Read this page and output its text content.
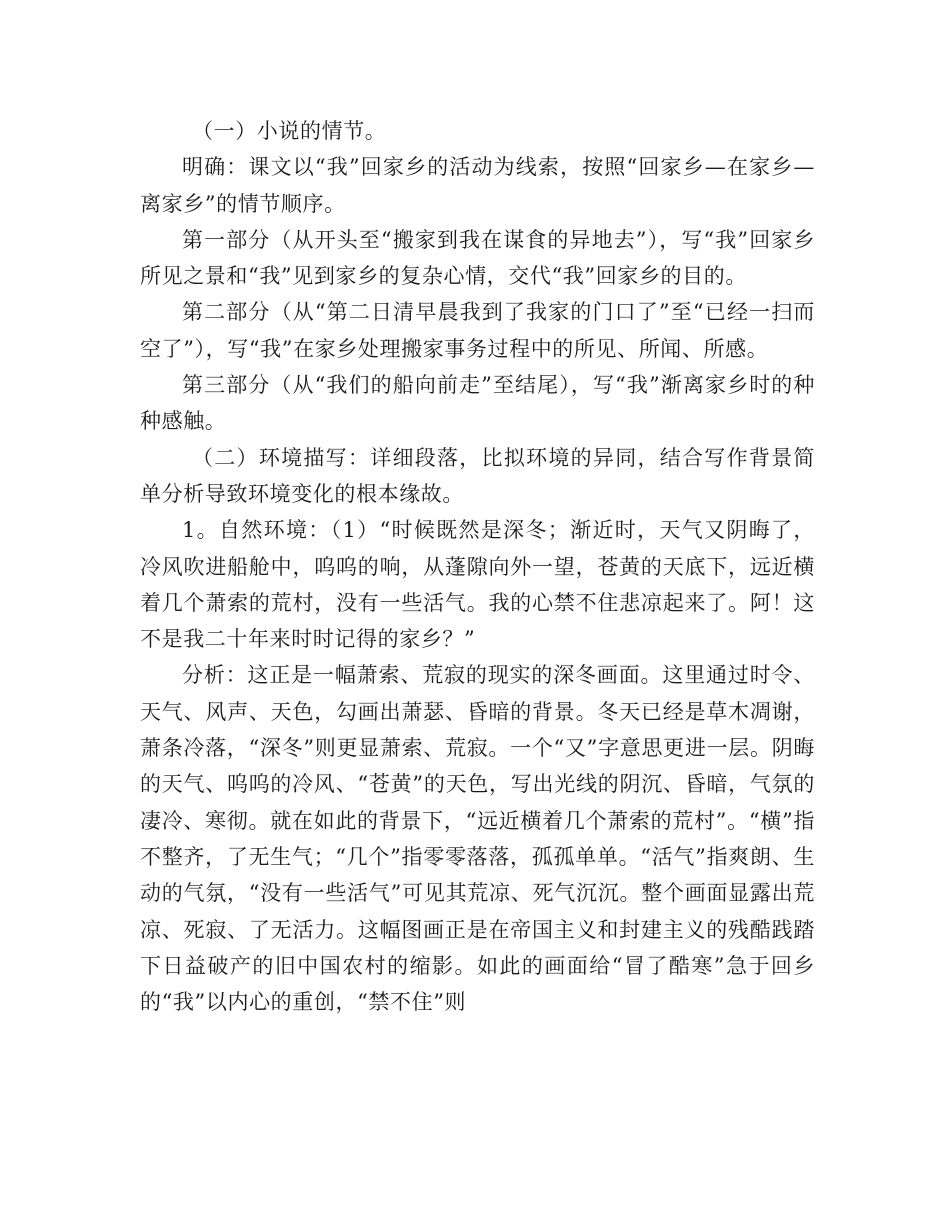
（一）小说的情节。

明确：课文以“我”回家乡的活动为线索，按照“回家乡—在家乡—离家乡”的情节顺序。

第一部分（从开头至“搬家到我在谋食的异地去”），写“我”回家乡所见之景和“我”见到家乡的复杂心情，交代“我”回家乡的目的。

第二部分（从“第二日清早晨我到了我家的门口了”至“已经一扫而空了”），写“我”在家乡处理搬家事务过程中的所见、所闻、所感。

第三部分（从“我们的船向前走”至结尾），写“我”渐离家乡时的种种感触。

（二）环境描写：详细段落，比拟环境的异同，结合写作背景简单分析导致环境变化的根本缘故。

1。自然环境：（1）“时候既然是深冬；渐近时，天气又阴晦了，冷风吹进船舱中，呜呜的响，从蓬隙向外一望，苍黄的天底下，远近横着几个萧索的荒村，没有一些活气。我的心禁不住悲凉起来了。阿！这不是我二十年来时时记得的家乡？”

分析：这正是一幅萧索、荒寂的现实的深冬画面。这里通过时令、天气、风声、天色，勾画出萧瑟、昏暗的背景。冬天已经是草木凋谢，萧条冷落，“深冬”则更显萧索、荒寂。一个“又”字意思更进一层。阴晦的天气、呜呜的冷风、“苍黄”的天色，写出光线的阴沉、昏暗，气氛的凄冷、寒彻。就在如此的背景下，“远近横着几个萧索的荒村”。“横”指不整齐，了无生气；“几个”指零零落落，孤孤单单。“活气”指爽朗、生动的气氛，“没有一些活气”可见其荒凉、死气沉沉。整个画面显露出荒凉、死寂、了无活力。这幅图画正是在帝国主义和封建主义的残酷践踏下日益破产的旧中国农村的缩影。如此的画面给“冒了酷寒”急于回乡的“我”以内心的重创，“禁不住”则
